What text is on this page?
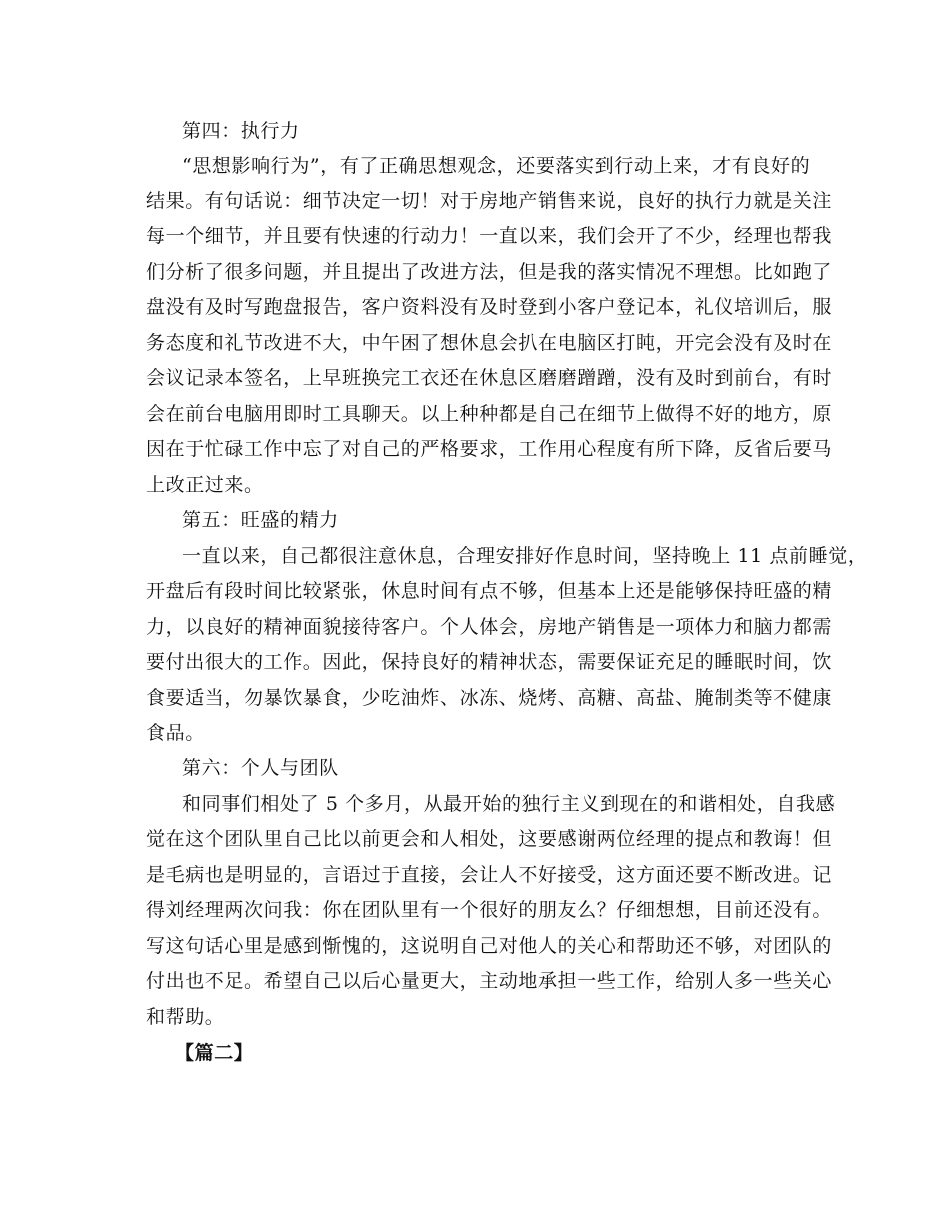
第四：执行力
“思想影响行为”，有了正确思想观念，还要落实到行动上来，才有良好的
结果。有句话说：细节决定一切！对于房地产销售来说，良好的执行力就是关注
每一个细节，并且要有快速的行动力！一直以来，我们会开了不少，经理也帮我
们分析了很多问题，并且提出了改进方法，但是我的落实情况不理想。比如跑了
盘没有及时写跑盘报告，客户资料没有及时登到小客户登记本，礼仪培训后，服
务态度和礼节改进不大，中午困了想休息会扒在电脑区打盹，开完会没有及时在
会议记录本签名，上早班换完工衣还在休息区磨磨蹭蹭，没有及时到前台，有时
会在前台电脑用即时工具聊天。以上种种都是自己在细节上做得不好的地方，原
因在于忙碌工作中忘了对自己的严格要求，工作用心程度有所下降，反省后要马
上改正过来。
第五：旺盛的精力
一直以来，自己都很注意休息，合理安排好作息时间，坚持晚上 11 点前睡觉，
开盘后有段时间比较紧张，休息时间有点不够，但基本上还是能够保持旺盛的精
力，以良好的精神面貌接待客户。个人体会，房地产销售是一项体力和脑力都需
要付出很大的工作。因此，保持良好的精神状态，需要保证充足的睡眠时间，饮
食要适当，勿暴饮暴食，少吃油炸、冰冻、烧烤、高糖、高盐、腌制类等不健康
食品。
第六：个人与团队
和同事们相处了 5 个多月，从最开始的独行主义到现在的和谐相处，自我感
觉在这个团队里自己比以前更会和人相处，这要感谢两位经理的提点和教诲！但
是毛病也是明显的，言语过于直接，会让人不好接受，这方面还要不断改进。记
得刘经理两次问我：你在团队里有一个很好的朋友么？仔细想想，目前还没有。
写这句话心里是感到惭愧的，这说明自己对他人的关心和帮助还不够，对团队的
付出也不足。希望自己以后心量更大，主动地承担一些工作，给别人多一些关心
和帮助。
【篇二】
